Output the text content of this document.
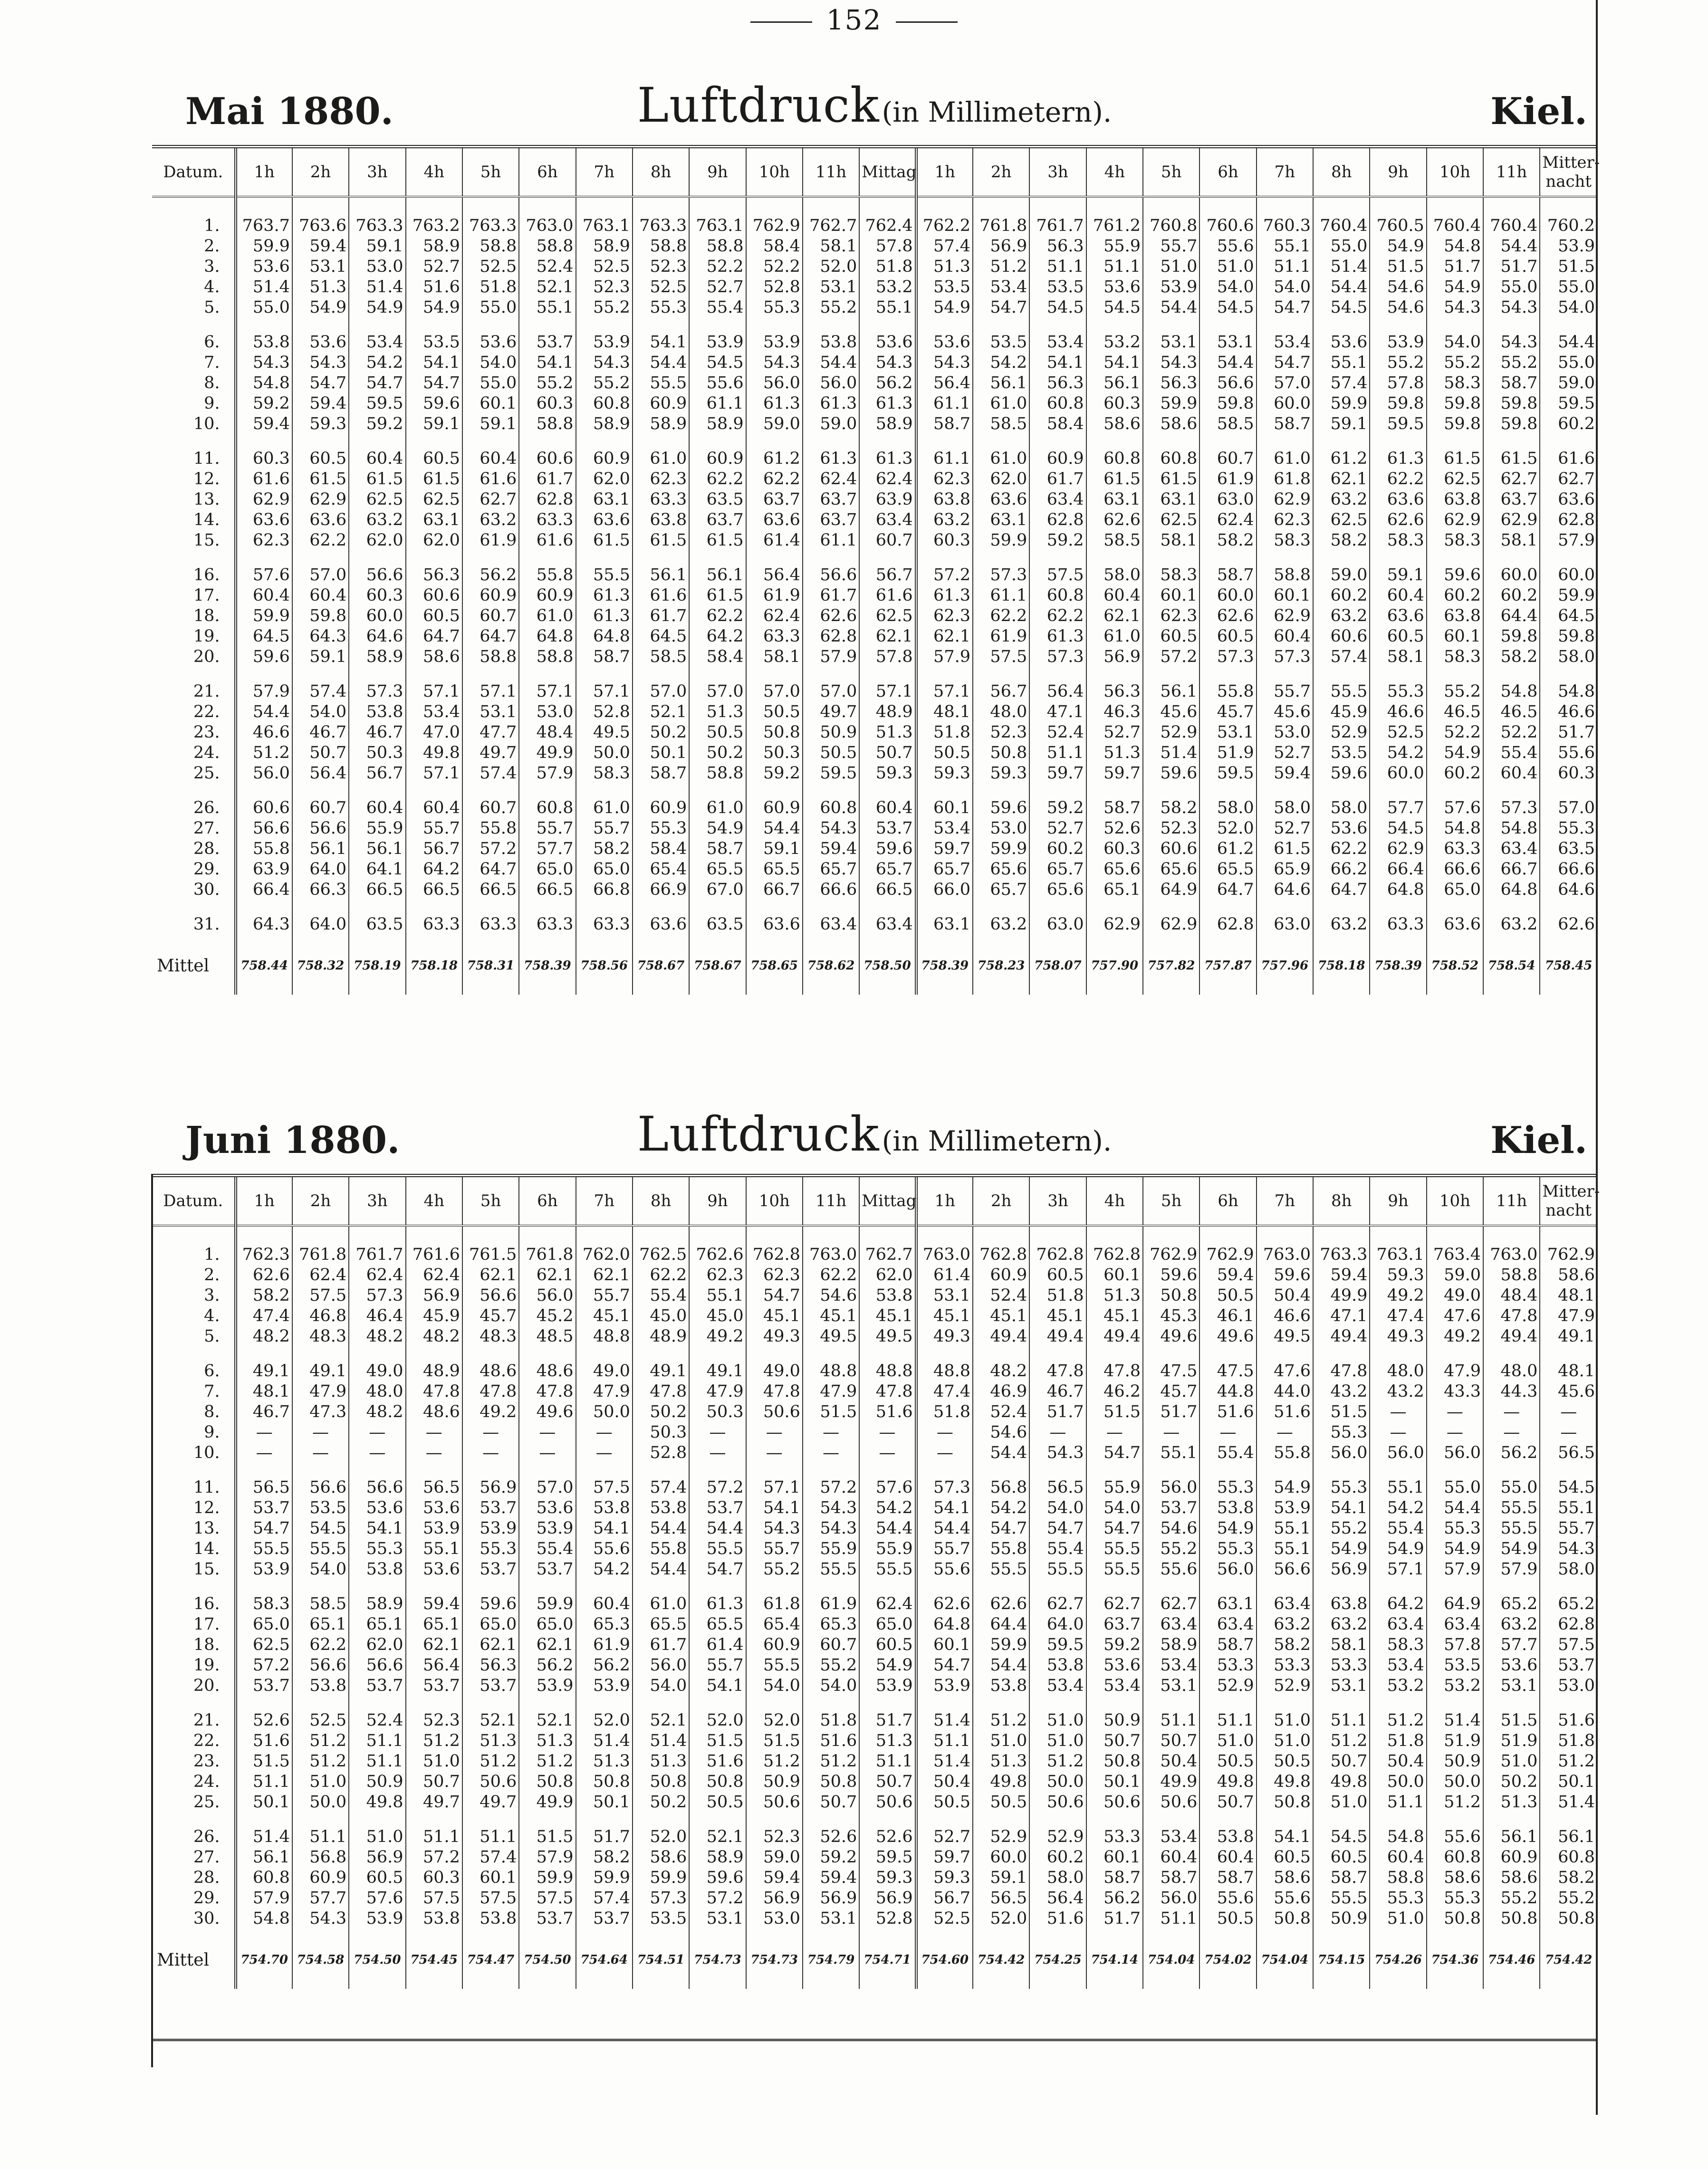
152
Mai 1880.	Luftdruck (in Millimetern).	Kiel.
Datum.	1h	2h	3h	4h	5h	6h	7h	8h	9h	10h	11h	Mittag	1h	2h	3h	4h	5h	6h	7h	8h	9h	10h	11h	Mitter-nacht

1.	763.7	763.6	763.3	763.2	763.3	763.0	763.1	763.3	763.1	762.9	762.7	762.4	762.2	761.8	761.7	761.2	760.8	760.6	760.3	760.4	760.5	760.4	760.4	760.2
2.	59.9	59.4	59.1	58.9	58.8	58.8	58.9	58.8	58.8	58.4	58.1	57.8	57.4	56.9	56.3	55.9	55.7	55.6	55.1	55.0	54.9	54.8	54.4	53.9
3.	53.6	53.1	53.0	52.7	52.5	52.4	52.5	52.3	52.2	52.2	52.0	51.8	51.3	51.2	51.1	51.1	51.0	51.0	51.1	51.4	51.5	51.7	51.7	51.5
4.	51.4	51.3	51.4	51.6	51.8	52.1	52.3	52.5	52.7	52.8	53.1	53.2	53.5	53.4	53.5	53.6	53.9	54.0	54.0	54.4	54.6	54.9	55.0	55.0
5.	55.0	54.9	54.9	54.9	55.0	55.1	55.2	55.3	55.4	55.3	55.2	55.1	54.9	54.7	54.5	54.5	54.4	54.5	54.7	54.5	54.6	54.3	54.3	54.0

6.	53.8	53.6	53.4	53.5	53.6	53.7	53.9	54.1	53.9	53.9	53.8	53.6	53.6	53.5	53.4	53.2	53.1	53.1	53.4	53.6	53.9	54.0	54.3	54.4
7.	54.3	54.3	54.2	54.1	54.0	54.1	54.3	54.4	54.5	54.3	54.4	54.3	54.3	54.2	54.1	54.1	54.3	54.4	54.7	55.1	55.2	55.2	55.2	55.0
8.	54.8	54.7	54.7	54.7	55.0	55.2	55.2	55.5	55.6	56.0	56.0	56.2	56.4	56.1	56.3	56.1	56.3	56.6	57.0	57.4	57.8	58.3	58.7	59.0
9.	59.2	59.4	59.5	59.6	60.1	60.3	60.8	60.9	61.1	61.3	61.3	61.3	61.1	61.0	60.8	60.3	59.9	59.8	60.0	59.9	59.8	59.8	59.8	59.5
10.	59.4	59.3	59.2	59.1	59.1	58.8	58.9	58.9	58.9	59.0	59.0	58.9	58.7	58.5	58.4	58.6	58.6	58.5	58.7	59.1	59.5	59.8	59.8	60.2

11.	60.3	60.5	60.4	60.5	60.4	60.6	60.9	61.0	60.9	61.2	61.3	61.3	61.1	61.0	60.9	60.8	60.8	60.7	61.0	61.2	61.3	61.5	61.5	61.6
12.	61.6	61.5	61.5	61.5	61.6	61.7	62.0	62.3	62.2	62.2	62.4	62.4	62.3	62.0	61.7	61.5	61.5	61.9	61.8	62.1	62.2	62.5	62.7	62.7
13.	62.9	62.9	62.5	62.5	62.7	62.8	63.1	63.3	63.5	63.7	63.7	63.9	63.8	63.6	63.4	63.1	63.1	63.0	62.9	63.2	63.6	63.8	63.7	63.6
14.	63.6	63.6	63.2	63.1	63.2	63.3	63.6	63.8	63.7	63.6	63.7	63.4	63.2	63.1	62.8	62.6	62.5	62.4	62.3	62.5	62.6	62.9	62.9	62.8
15.	62.3	62.2	62.0	62.0	61.9	61.6	61.5	61.5	61.5	61.4	61.1	60.7	60.3	59.9	59.2	58.5	58.1	58.2	58.3	58.2	58.3	58.3	58.1	57.9

16.	57.6	57.0	56.6	56.3	56.2	55.8	55.5	56.1	56.1	56.4	56.6	56.7	57.2	57.3	57.5	58.0	58.3	58.7	58.8	59.0	59.1	59.6	60.0	60.0
17.	60.4	60.4	60.3	60.6	60.9	60.9	61.3	61.6	61.5	61.9	61.7	61.6	61.3	61.1	60.8	60.4	60.1	60.0	60.1	60.2	60.4	60.2	60.2	59.9
18.	59.9	59.8	60.0	60.5	60.7	61.0	61.3	61.7	62.2	62.4	62.6	62.5	62.3	62.2	62.2	62.1	62.3	62.6	62.9	63.2	63.6	63.8	64.4	64.5
19.	64.5	64.3	64.6	64.7	64.7	64.8	64.8	64.5	64.2	63.3	62.8	62.1	62.1	61.9	61.3	61.0	60.5	60.5	60.4	60.6	60.5	60.1	59.8	59.8
20.	59.6	59.1	58.9	58.6	58.8	58.8	58.7	58.5	58.4	58.1	57.9	57.8	57.9	57.5	57.3	56.9	57.2	57.3	57.3	57.4	58.1	58.3	58.2	58.0

21.	57.9	57.4	57.3	57.1	57.1	57.1	57.1	57.0	57.0	57.0	57.0	57.1	57.1	56.7	56.4	56.3	56.1	55.8	55.7	55.5	55.3	55.2	54.8	54.8
22.	54.4	54.0	53.8	53.4	53.1	53.0	52.8	52.1	51.3	50.5	49.7	48.9	48.1	48.0	47.1	46.3	45.6	45.7	45.6	45.9	46.6	46.5	46.5	46.6
23.	46.6	46.7	46.7	47.0	47.7	48.4	49.5	50.2	50.5	50.8	50.9	51.3	51.8	52.3	52.4	52.7	52.9	53.1	53.0	52.9	52.5	52.2	52.2	51.7
24.	51.2	50.7	50.3	49.8	49.7	49.9	50.0	50.1	50.2	50.3	50.5	50.7	50.5	50.8	51.1	51.3	51.4	51.9	52.7	53.5	54.2	54.9	55.4	55.6
25.	56.0	56.4	56.7	57.1	57.4	57.9	58.3	58.7	58.8	59.2	59.5	59.3	59.3	59.3	59.7	59.7	59.6	59.5	59.4	59.6	60.0	60.2	60.4	60.3

26.	60.6	60.7	60.4	60.4	60.7	60.8	61.0	60.9	61.0	60.9	60.8	60.4	60.1	59.6	59.2	58.7	58.2	58.0	58.0	58.0	57.7	57.6	57.3	57.0
27.	56.6	56.6	55.9	55.7	55.8	55.7	55.7	55.3	54.9	54.4	54.3	53.7	53.4	53.0	52.7	52.6	52.3	52.0	52.7	53.6	54.5	54.8	54.8	55.3
28.	55.8	56.1	56.1	56.7	57.2	57.7	58.2	58.4	58.7	59.1	59.4	59.6	59.7	59.9	60.2	60.3	60.6	61.2	61.5	62.2	62.9	63.3	63.4	63.5
29.	63.9	64.0	64.1	64.2	64.7	65.0	65.0	65.4	65.5	65.5	65.7	65.7	65.7	65.6	65.7	65.6	65.6	65.5	65.9	66.2	66.4	66.6	66.7	66.6
30.	66.4	66.3	66.5	66.5	66.5	66.5	66.8	66.9	67.0	66.7	66.6	66.5	66.0	65.7	65.6	65.1	64.9	64.7	64.6	64.7	64.8	65.0	64.8	64.6

31.	64.3	64.0	63.5	63.3	63.3	63.3	63.3	63.6	63.5	63.6	63.4	63.4	63.1	63.2	63.0	62.9	62.9	62.8	63.0	63.2	63.3	63.6	63.2	62.6

Mittel	758.44	758.32	758.19	758.18	758.31	758.39	758.56	758.67	758.67	758.65	758.62	758.50	758.39	758.23	758.07	757.90	757.82	757.87	757.96	758.18	758.39	758.52	758.54	758.45

Juni 1880.	Luftdruck (in Millimetern).	Kiel.
Datum.	1h	2h	3h	4h	5h	6h	7h	8h	9h	10h	11h	Mittag	1h	2h	3h	4h	5h	6h	7h	8h	9h	10h	11h	Mitter-nacht

1.	762.3	761.8	761.7	761.6	761.5	761.8	762.0	762.5	762.6	762.8	763.0	762.7	763.0	762.8	762.8	762.8	762.9	762.9	763.0	763.3	763.1	763.4	763.0	762.9
2.	62.6	62.4	62.4	62.4	62.1	62.1	62.1	62.2	62.3	62.3	62.2	62.0	61.4	60.9	60.5	60.1	59.6	59.4	59.6	59.4	59.3	59.0	58.8	58.6
3.	58.2	57.5	57.3	56.9	56.6	56.0	55.7	55.4	55.1	54.7	54.6	53.8	53.1	52.4	51.8	51.3	50.8	50.5	50.4	49.9	49.2	49.0	48.4	48.1
4.	47.4	46.8	46.4	45.9	45.7	45.2	45.1	45.0	45.0	45.1	45.1	45.1	45.1	45.1	45.1	45.1	45.3	46.1	46.6	47.1	47.4	47.6	47.8	47.9
5.	48.2	48.3	48.2	48.2	48.3	48.5	48.8	48.9	49.2	49.3	49.5	49.5	49.3	49.4	49.4	49.4	49.6	49.6	49.5	49.4	49.3	49.2	49.4	49.1

6.	49.1	49.1	49.0	48.9	48.6	48.6	49.0	49.1	49.1	49.0	48.8	48.8	48.8	48.2	47.8	47.8	47.5	47.5	47.6	47.8	48.0	47.9	48.0	48.1
7.	48.1	47.9	48.0	47.8	47.8	47.8	47.9	47.8	47.9	47.8	47.9	47.8	47.4	46.9	46.7	46.2	45.7	44.8	44.0	43.2	43.2	43.3	44.3	45.6
8.	46.7	47.3	48.2	48.6	49.2	49.6	50.0	50.2	50.3	50.6	51.5	51.6	51.8	52.4	51.7	51.5	51.7	51.6	51.6	51.5	—	—	—	—
9.	—	—	—	—	—	—	—	50.3	—	—	—	—	—	54.6	—	—	—	—	—	55.3	—	—	—	—
10.	—	—	—	—	—	—	—	52.8	—	—	—	—	—	54.4	54.3	54.7	55.1	55.4	55.8	56.0	56.0	56.0	56.2	56.5

11.	56.5	56.6	56.6	56.5	56.9	57.0	57.5	57.4	57.2	57.1	57.2	57.6	57.3	56.8	56.5	55.9	56.0	55.3	54.9	55.3	55.1	55.0	55.0	54.5
12.	53.7	53.5	53.6	53.6	53.7	53.6	53.8	53.8	53.7	54.1	54.3	54.2	54.1	54.2	54.0	54.0	53.7	53.8	53.9	54.1	54.2	54.4	55.5	55.1
13.	54.7	54.5	54.1	53.9	53.9	53.9	54.1	54.4	54.4	54.3	54.3	54.4	54.4	54.7	54.7	54.7	54.6	54.9	55.1	55.2	55.4	55.3	55.5	55.7
14.	55.5	55.5	55.3	55.1	55.3	55.4	55.6	55.8	55.5	55.7	55.9	55.9	55.7	55.8	55.4	55.5	55.2	55.3	55.1	54.9	54.9	54.9	54.9	54.3
15.	53.9	54.0	53.8	53.6	53.7	53.7	54.2	54.4	54.7	55.2	55.5	55.5	55.6	55.5	55.5	55.5	55.6	56.0	56.6	56.9	57.1	57.9	57.9	58.0

16.	58.3	58.5	58.9	59.4	59.6	59.9	60.4	61.0	61.3	61.8	61.9	62.4	62.6	62.6	62.7	62.7	62.7	63.1	63.4	63.8	64.2	64.9	65.2	65.2
17.	65.0	65.1	65.1	65.1	65.0	65.0	65.3	65.5	65.5	65.4	65.3	65.0	64.8	64.4	64.0	63.7	63.4	63.4	63.2	63.2	63.4	63.4	63.2	62.8
18.	62.5	62.2	62.0	62.1	62.1	62.1	61.9	61.7	61.4	60.9	60.7	60.5	60.1	59.9	59.5	59.2	58.9	58.7	58.2	58.1	58.3	57.8	57.7	57.5
19.	57.2	56.6	56.6	56.4	56.3	56.2	56.2	56.0	55.7	55.5	55.2	54.9	54.7	54.4	53.8	53.6	53.4	53.3	53.3	53.3	53.4	53.5	53.6	53.7
20.	53.7	53.8	53.7	53.7	53.7	53.9	53.9	54.0	54.1	54.0	54.0	53.9	53.9	53.8	53.4	53.4	53.1	52.9	52.9	53.1	53.2	53.2	53.1	53.0

21.	52.6	52.5	52.4	52.3	52.1	52.1	52.0	52.1	52.0	52.0	51.8	51.7	51.4	51.2	51.0	50.9	51.1	51.1	51.0	51.1	51.2	51.4	51.5	51.6
22.	51.6	51.2	51.1	51.2	51.3	51.3	51.4	51.4	51.5	51.5	51.6	51.3	51.1	51.0	51.0	50.7	50.7	51.0	51.0	51.2	51.8	51.9	51.9	51.8
23.	51.5	51.2	51.1	51.0	51.2	51.2	51.3	51.3	51.6	51.2	51.2	51.1	51.4	51.3	51.2	50.8	50.4	50.5	50.5	50.7	50.4	50.9	51.0	51.2
24.	51.1	51.0	50.9	50.7	50.6	50.8	50.8	50.8	50.8	50.9	50.8	50.7	50.4	49.8	50.0	50.1	49.9	49.8	49.8	49.8	50.0	50.0	50.2	50.1
25.	50.1	50.0	49.8	49.7	49.7	49.9	50.1	50.2	50.5	50.6	50.7	50.6	50.5	50.5	50.6	50.6	50.6	50.7	50.8	51.0	51.1	51.2	51.3	51.4

26.	51.4	51.1	51.0	51.1	51.1	51.5	51.7	52.0	52.1	52.3	52.6	52.6	52.7	52.9	52.9	53.3	53.4	53.8	54.1	54.5	54.8	55.6	56.1	56.1
27.	56.1	56.8	56.9	57.2	57.4	57.9	58.2	58.6	58.9	59.0	59.2	59.5	59.7	60.0	60.2	60.1	60.4	60.4	60.5	60.5	60.4	60.8	60.9	60.8
28.	60.8	60.9	60.5	60.3	60.1	59.9	59.9	59.9	59.6	59.4	59.4	59.3	59.3	59.1	58.0	58.7	58.7	58.7	58.6	58.7	58.8	58.6	58.6	58.2
29.	57.9	57.7	57.6	57.5	57.5	57.5	57.4	57.3	57.2	56.9	56.9	56.9	56.7	56.5	56.4	56.2	56.0	55.6	55.6	55.5	55.3	55.3	55.2	55.2
30.	54.8	54.3	53.9	53.8	53.8	53.7	53.7	53.5	53.1	53.0	53.1	52.8	52.5	52.0	51.6	51.7	51.1	50.5	50.8	50.9	51.0	50.8	50.8	50.8

Mittel	754.70	754.58	754.50	754.45	754.47	754.50	754.64	754.51	754.73	754.73	754.79	754.71	754.60	754.42	754.25	754.14	754.04	754.02	754.04	754.15	754.26	754.36	754.46	754.42
